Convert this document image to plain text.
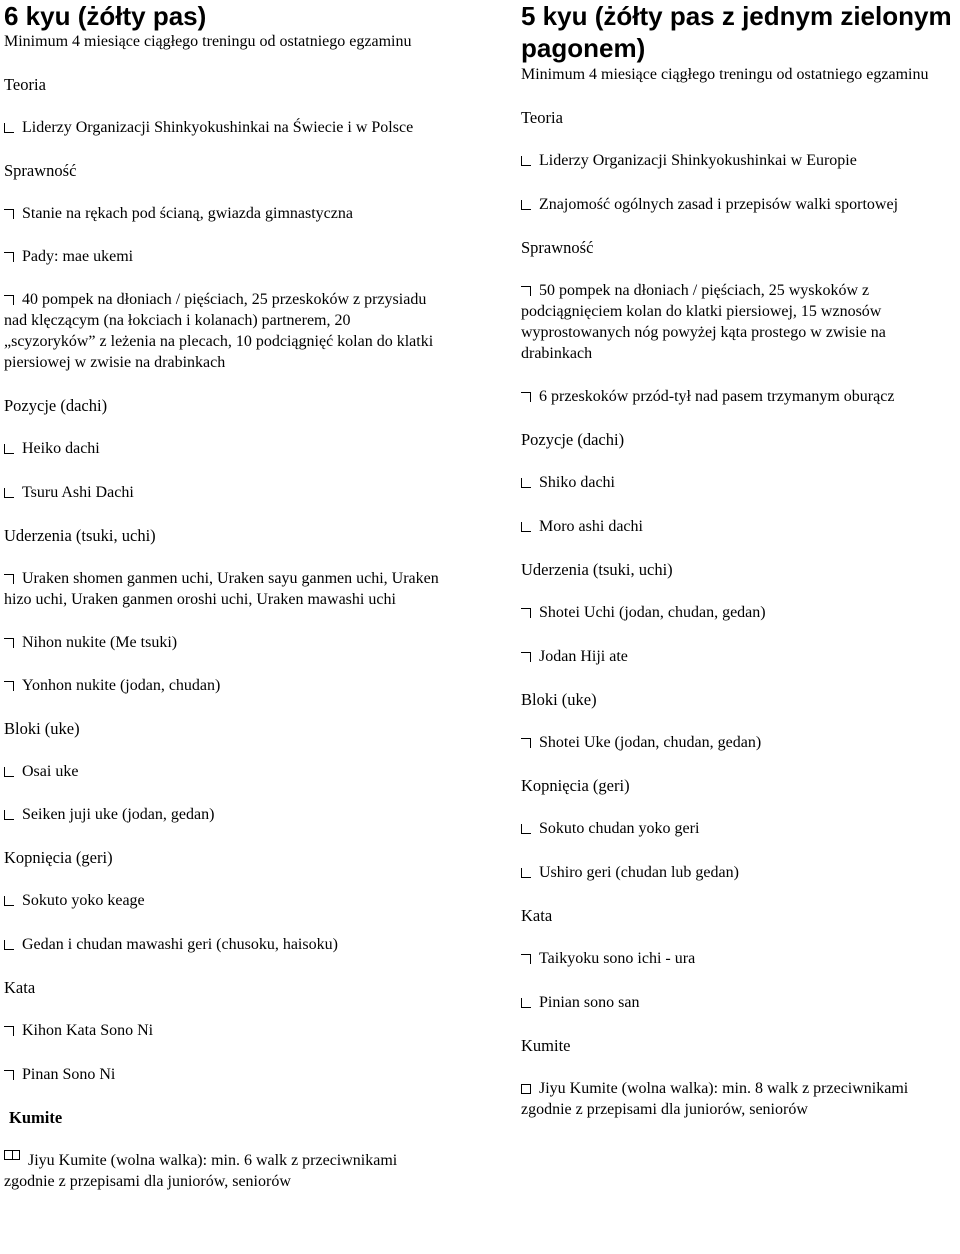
6 kyu (żółty pas)

Minimum 4 miesiące ciągłego treningu od ostatniego egzaminu

Teoria

Liderzy Organizacji Shinkyokushinkai na Świecie i w Polsce

Sprawność

Stanie na rękach pod ścianą, gwiazda gimnastyczna

Pady: mae ukemi

40 pompek na dłoniach / pięściach, 25 przeskoków z przysiadu nad klęczącym (na łokciach i kolanach) partnerem, 20 „scyzoryków” z leżenia na plecach, 10 podciągnięć kolan do klatki piersiowej w zwisie na drabinkach

Pozycje (dachi)

Heiko dachi

Tsuru Ashi Dachi

Uderzenia (tsuki, uchi)

Uraken shomen ganmen uchi, Uraken sayu ganmen uchi, Uraken hizo uchi, Uraken ganmen oroshi uchi, Uraken mawashi uchi

Nihon nukite (Me tsuki)

Yonhon nukite (jodan, chudan)

Bloki (uke)

Osai uke

Seiken juji uke (jodan, gedan)

Kopnięcia (geri)

Sokuto yoko keage

Gedan i chudan mawashi geri (chusoku, haisoku)

Kata

Kihon Kata Sono Ni

Pinan Sono Ni

Kumite

Jiyu Kumite (wolna walka): min. 6 walk z przeciwnikami zgodnie z przepisami dla juniorów, seniorów

5 kyu (żółty pas z jednym zielonym pagonem)

Minimum 4 miesiące ciągłego treningu od ostatniego egzaminu

Teoria

Liderzy Organizacji Shinkyokushinkai w Europie

Znajomość ogólnych zasad i przepisów walki sportowej

Sprawność

50 pompek na dłoniach / pięściach, 25 wyskoków z podciągnięciem kolan do klatki piersiowej, 15 wznosów wyprostowanych nóg powyżej kąta prostego w zwisie na drabinkach

6 przeskoków przód-tył nad pasem trzymanym oburącz

Pozycje (dachi)

Shiko dachi

Moro ashi dachi

Uderzenia (tsuki, uchi)

Shotei Uchi (jodan, chudan, gedan)

Jodan Hiji ate

Bloki (uke)

Shotei Uke (jodan, chudan, gedan)

Kopnięcia (geri)

Sokuto chudan yoko geri

Ushiro geri (chudan lub gedan)

Kata

Taikyoku sono ichi - ura

Pinian sono san

Kumite

Jiyu Kumite (wolna walka): min. 8 walk z przeciwnikami zgodnie z przepisami dla juniorów, seniorów
